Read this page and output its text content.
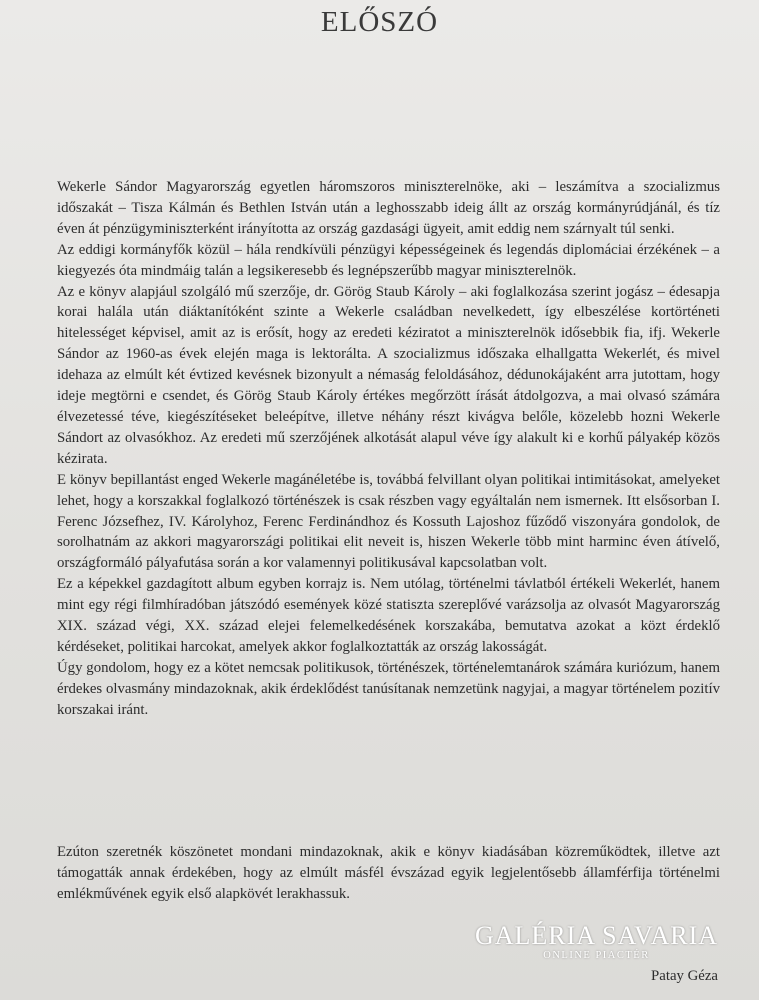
ELŐSZÓ

Wekerle Sándor Magyarország egyetlen háromszoros miniszterelnöke, aki – leszámítva a szocializmus időszakát – Tisza Kálmán és Bethlen István után a leghosszabb ideig állt az ország kormányrúdjánál, és tíz éven át pénzügyminiszterként irányította az ország gazdasági ügyeit, amit eddig nem szárnyalt túl senki.

Az eddigi kormányfők közül – hála rendkívüli pénzügyi képességeinek és legendás diplomáciai érzékének – a kiegyezés óta mindmáig talán a legsikeresebb és legnépszerűbb magyar miniszterelnök.

Az e könyv alapjául szolgáló mű szerzője, dr. Görög Staub Károly – aki foglalkozása szerint jogász – édesapja korai halála után diáktanítóként szinte a Wekerle családban nevelkedett, így elbeszélése kortörténeti hitelességet képvisel, amit az is erősít, hogy az eredeti kéziratot a miniszterelnök idősebbik fia, ifj. Wekerle Sándor az 1960-as évek elején maga is lektorálta. A szocializmus időszaka elhallgatta Wekerlét, és mivel idehaza az elmúlt két évtized kevésnek bizonyult a némaság feloldásához, dédunokájaként arra jutottam, hogy ideje megtörni e csendet, és Görög Staub Károly értékes megőrzött írását átdolgozva, a mai olvasó számára élvezetessé téve, kiegészítéseket beleépítve, illetve néhány részt kivágva belőle, közelebb hozni Wekerle Sándort az olvasókhoz. Az eredeti mű szerzőjének alkotását alapul véve így alakult ki e korhű pályakép közös kézirata.

E könyv bepillantást enged Wekerle magánéletébe is, továbbá felvillant olyan politikai intimitásokat, amelyeket lehet, hogy a korszakkal foglalkozó történészek is csak részben vagy egyáltalán nem ismernek. Itt elsősorban I. Ferenc Józsefhez, IV. Károlyhoz, Ferenc Ferdinándhoz és Kossuth Lajoshoz fűződő viszonyára gondolok, de sorolhatnám az akkori magyarországi politikai elit neveit is, hiszen Wekerle több mint harminc éven átívelő, országformáló pályafutása során a kor valamennyi politikusával kapcsolatban volt.

Ez a képekkel gazdagított album egyben korrajz is. Nem utólag, történelmi távlatból értékeli Wekerlét, hanem mint egy régi filmhíradóban játszódó események közé statiszta szereplővé varázsolja az olvasót Magyarország XIX. század végi, XX. század elejei felemelkedésének korszakába, bemutatva azokat a közt érdeklő kérdéseket, politikai harcokat, amelyek akkor foglalkoztatták az ország lakosságát.

Úgy gondolom, hogy ez a kötet nemcsak politikusok, történészek, történelemtanárok számára kuriózum, hanem érdekes olvasmány mindazoknak, akik érdeklődést tanúsítanak nemzetünk nagyjai, a magyar történelem pozitív korszakai iránt.

Ezúton szeretnék köszönetet mondani mindazoknak, akik e könyv kiadásában közreműködtek, illetve azt támogatták annak érdekében, hogy az elmúlt másfél évszázad egyik legjelentősebb államférfija történelmi emlékművének egyik első alapkövét lerakhassuk.

GALÉRIA SAVARIA
ONLINE PIACTÉR
Patay Géza
